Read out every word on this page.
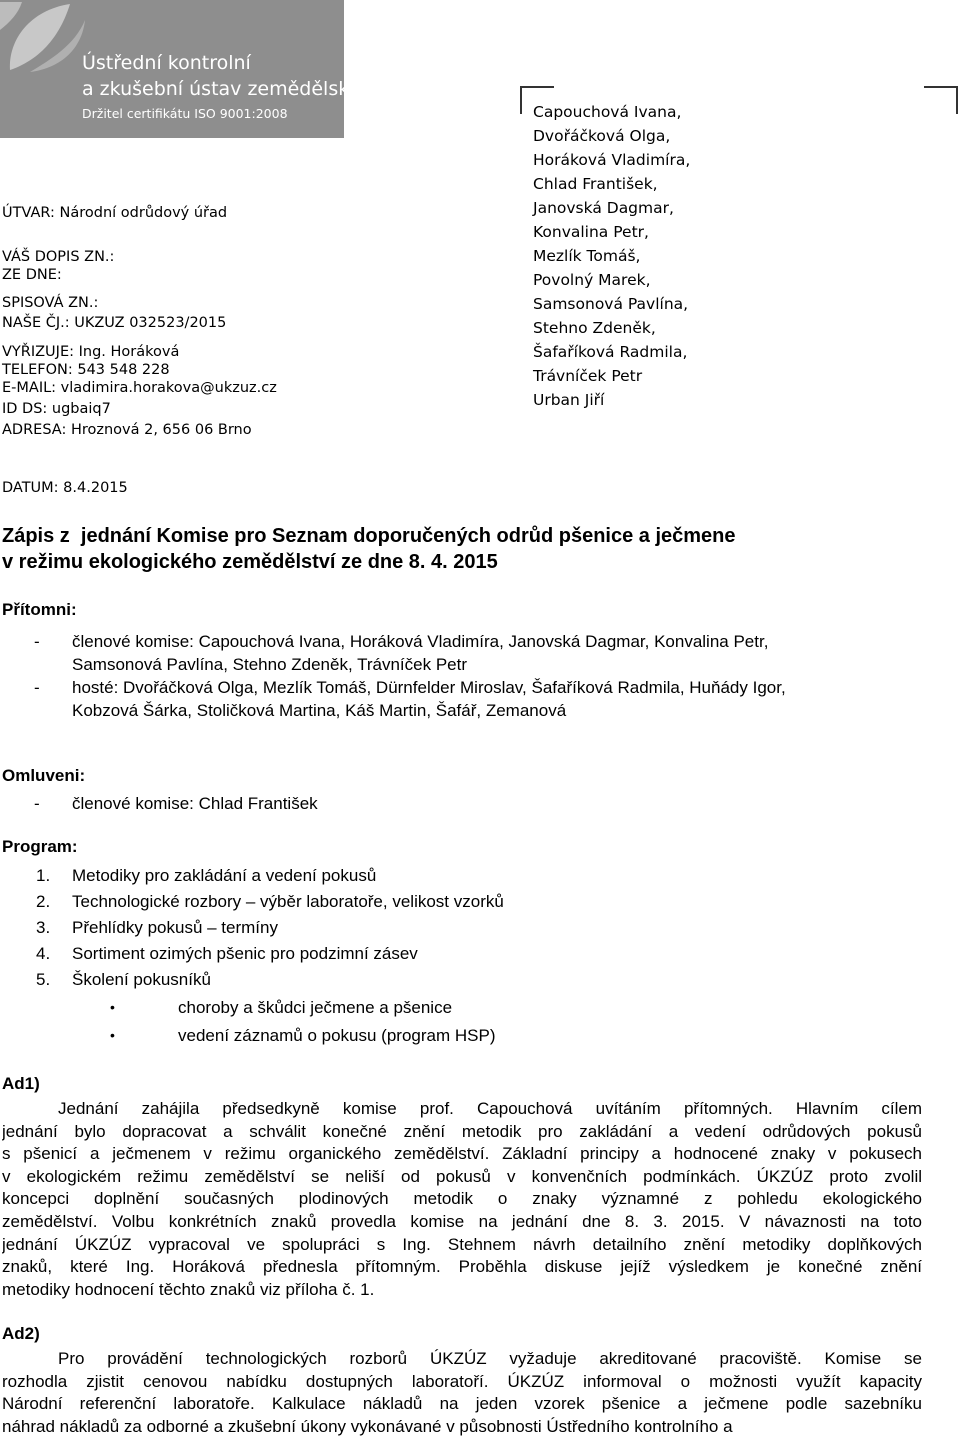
Ústřední kontrolní
a zkušební ústav zemědělský
Držitel certifikátu ISO 9001:2008
ÚTVAR: Národní odrůdový úřad
VÁŠ DOPIS ZN.:
ZE DNE:
SPISOVÁ ZN.:
NAŠE ČJ.: UKZUZ 032523/2015
VYŘIZUJE: Ing. Horáková
TELEFON: 543 548 228
E-MAIL: vladimira.horakova@ukzuz.cz
ID DS: ugbaiq7
ADRESA: Hroznová 2, 656 06 Brno
Capouchová Ivana,
Dvořáčková Olga,
Horáková Vladimíra,
Chlad František,
Janovská Dagmar,
Konvalina Petr,
Mezlík Tomáš,
Povolný Marek,
Samsonová Pavlína,
Stehno Zdeněk,
Šafaříková Radmila,
Trávníček Petr
Urban Jiří
DATUM: 8.4.2015
Zápis z  jednání Komise pro Seznam doporučených odrůd pšenice a ječmene
v režimu ekologického zemědělství ze dne 8. 4. 2015
Přítomni:
- členové komise: Capouchová Ivana, Horáková Vladimíra, Janovská Dagmar, Konvalina Petr,
Samsonová Pavlína, Stehno Zdeněk, Trávníček Petr
- hosté: Dvořáčková Olga, Mezlík Tomáš, Dürnfelder Miroslav, Šafaříková Radmila, Huňády Igor,
Kobzová Šárka, Stoličková Martina, Káš Martin, Šafář, Zemanová
Omluveni:
- členové komise: Chlad František
Program:
1.	Metodiky pro zakládání a vedení pokusů
2.	Technologické rozbory – výběr laboratoře, velikost vzorků
3.	Přehlídky pokusů – termíny
4.	Sortiment ozimých pšenic pro podzimní zásev
5.	Školení pokusníků
•	choroby a škůdci ječmene a pšenice
•	vedení záznamů o pokusu (program HSP)
Ad1)
Jednání zahájila předsedkyně komise prof. Capouchová uvítáním přítomných. Hlavním cílem
jednání bylo dopracovat a schválit konečné znění metodik pro zakládání a vedení odrůdových pokusů
s pšenicí a ječmenem v režimu organického zemědělství. Základní principy a hodnocené znaky v pokusech
v ekologickém režimu zemědělství se neliší od pokusů v konvenčních podmínkách. ÚKZÚZ proto zvolil
koncepci doplnění současných plodinových metodik o znaky významné z pohledu ekologického
zemědělství. Volbu konkrétních znaků provedla komise na jednání dne 8. 3. 2015. V návaznosti na toto
jednání ÚKZÚZ vypracoval ve spolupráci s Ing. Stehnem návrh detailního znění metodiky doplňkových
znaků, které Ing. Horáková přednesla přítomným. Proběhla diskuse jejíž výsledkem je konečné znění
metodiky hodnocení těchto znaků viz příloha č. 1.
Ad2)
Pro provádění technologických rozborů ÚKZÚZ vyžaduje akreditované pracoviště. Komise se
rozhodla zjistit cenovou nabídku dostupných laboratoří. ÚKZÚZ informoval o možnosti využít kapacity
Národní referenční laboratoře. Kalkulace nákladů na jeden vzorek pšenice a ječmene podle sazebníku
náhrad nákladů za odborné a zkušební úkony vykonávané v působnosti Ústředního kontrolního a
